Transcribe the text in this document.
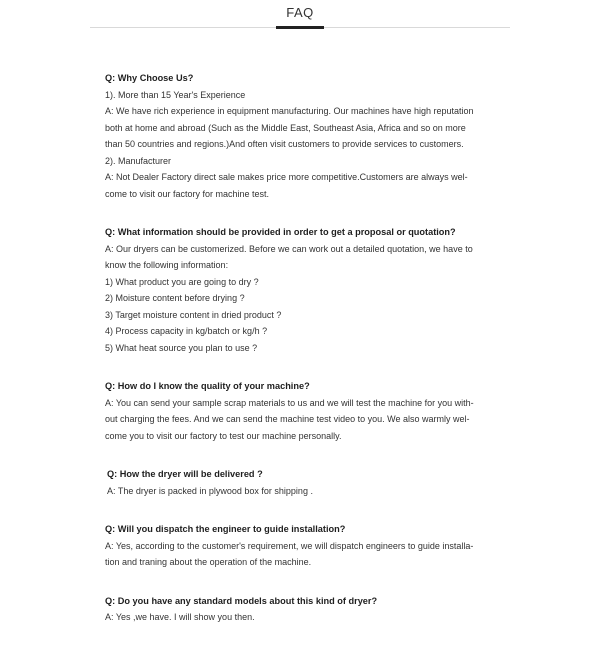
FAQ

Q: Why Choose Us?

1). More than 15 Year's Experience

A: We have rich experience in equipment manufacturing. Our machines have high reputation

both at home and abroad (Such as the Middle East, Southeast Asia, Africa and so on more

than 50 countries and regions.)And often visit customers to provide services to customers.

2). Manufacturer

A: Not Dealer Factory direct sale makes price more competitive.Customers are always wel-

come to visit our factory for machine test.

Q: What information should be provided in order to get a proposal or quotation?

A: Our dryers can be customerized. Before we can work out a detailed quotation, we have to

know the following information:

1) What product you are going to dry ?

2) Moisture content before drying ?

3) Target moisture content in dried product ?

4) Process capacity in kg/batch or kg/h ?

5) What heat source you plan to use ?

Q: How do I know the quality of your machine?

A: You can send your sample scrap materials to us and we will test the machine for you with-

out charging the fees. And we can send the machine test video to you. We also warmly wel-

come you to visit our factory to test our machine personally.

Q: How the dryer will be delivered ?

A: The dryer is packed in plywood box for shipping .

Q: Will you dispatch the engineer to guide installation?

A: Yes, according to the customer's requirement, we will dispatch engineers to guide installa-

tion and traning about the operation of the machine.

Q: Do you have any standard models about this kind of dryer?

A: Yes ,we have. I will show you then.
